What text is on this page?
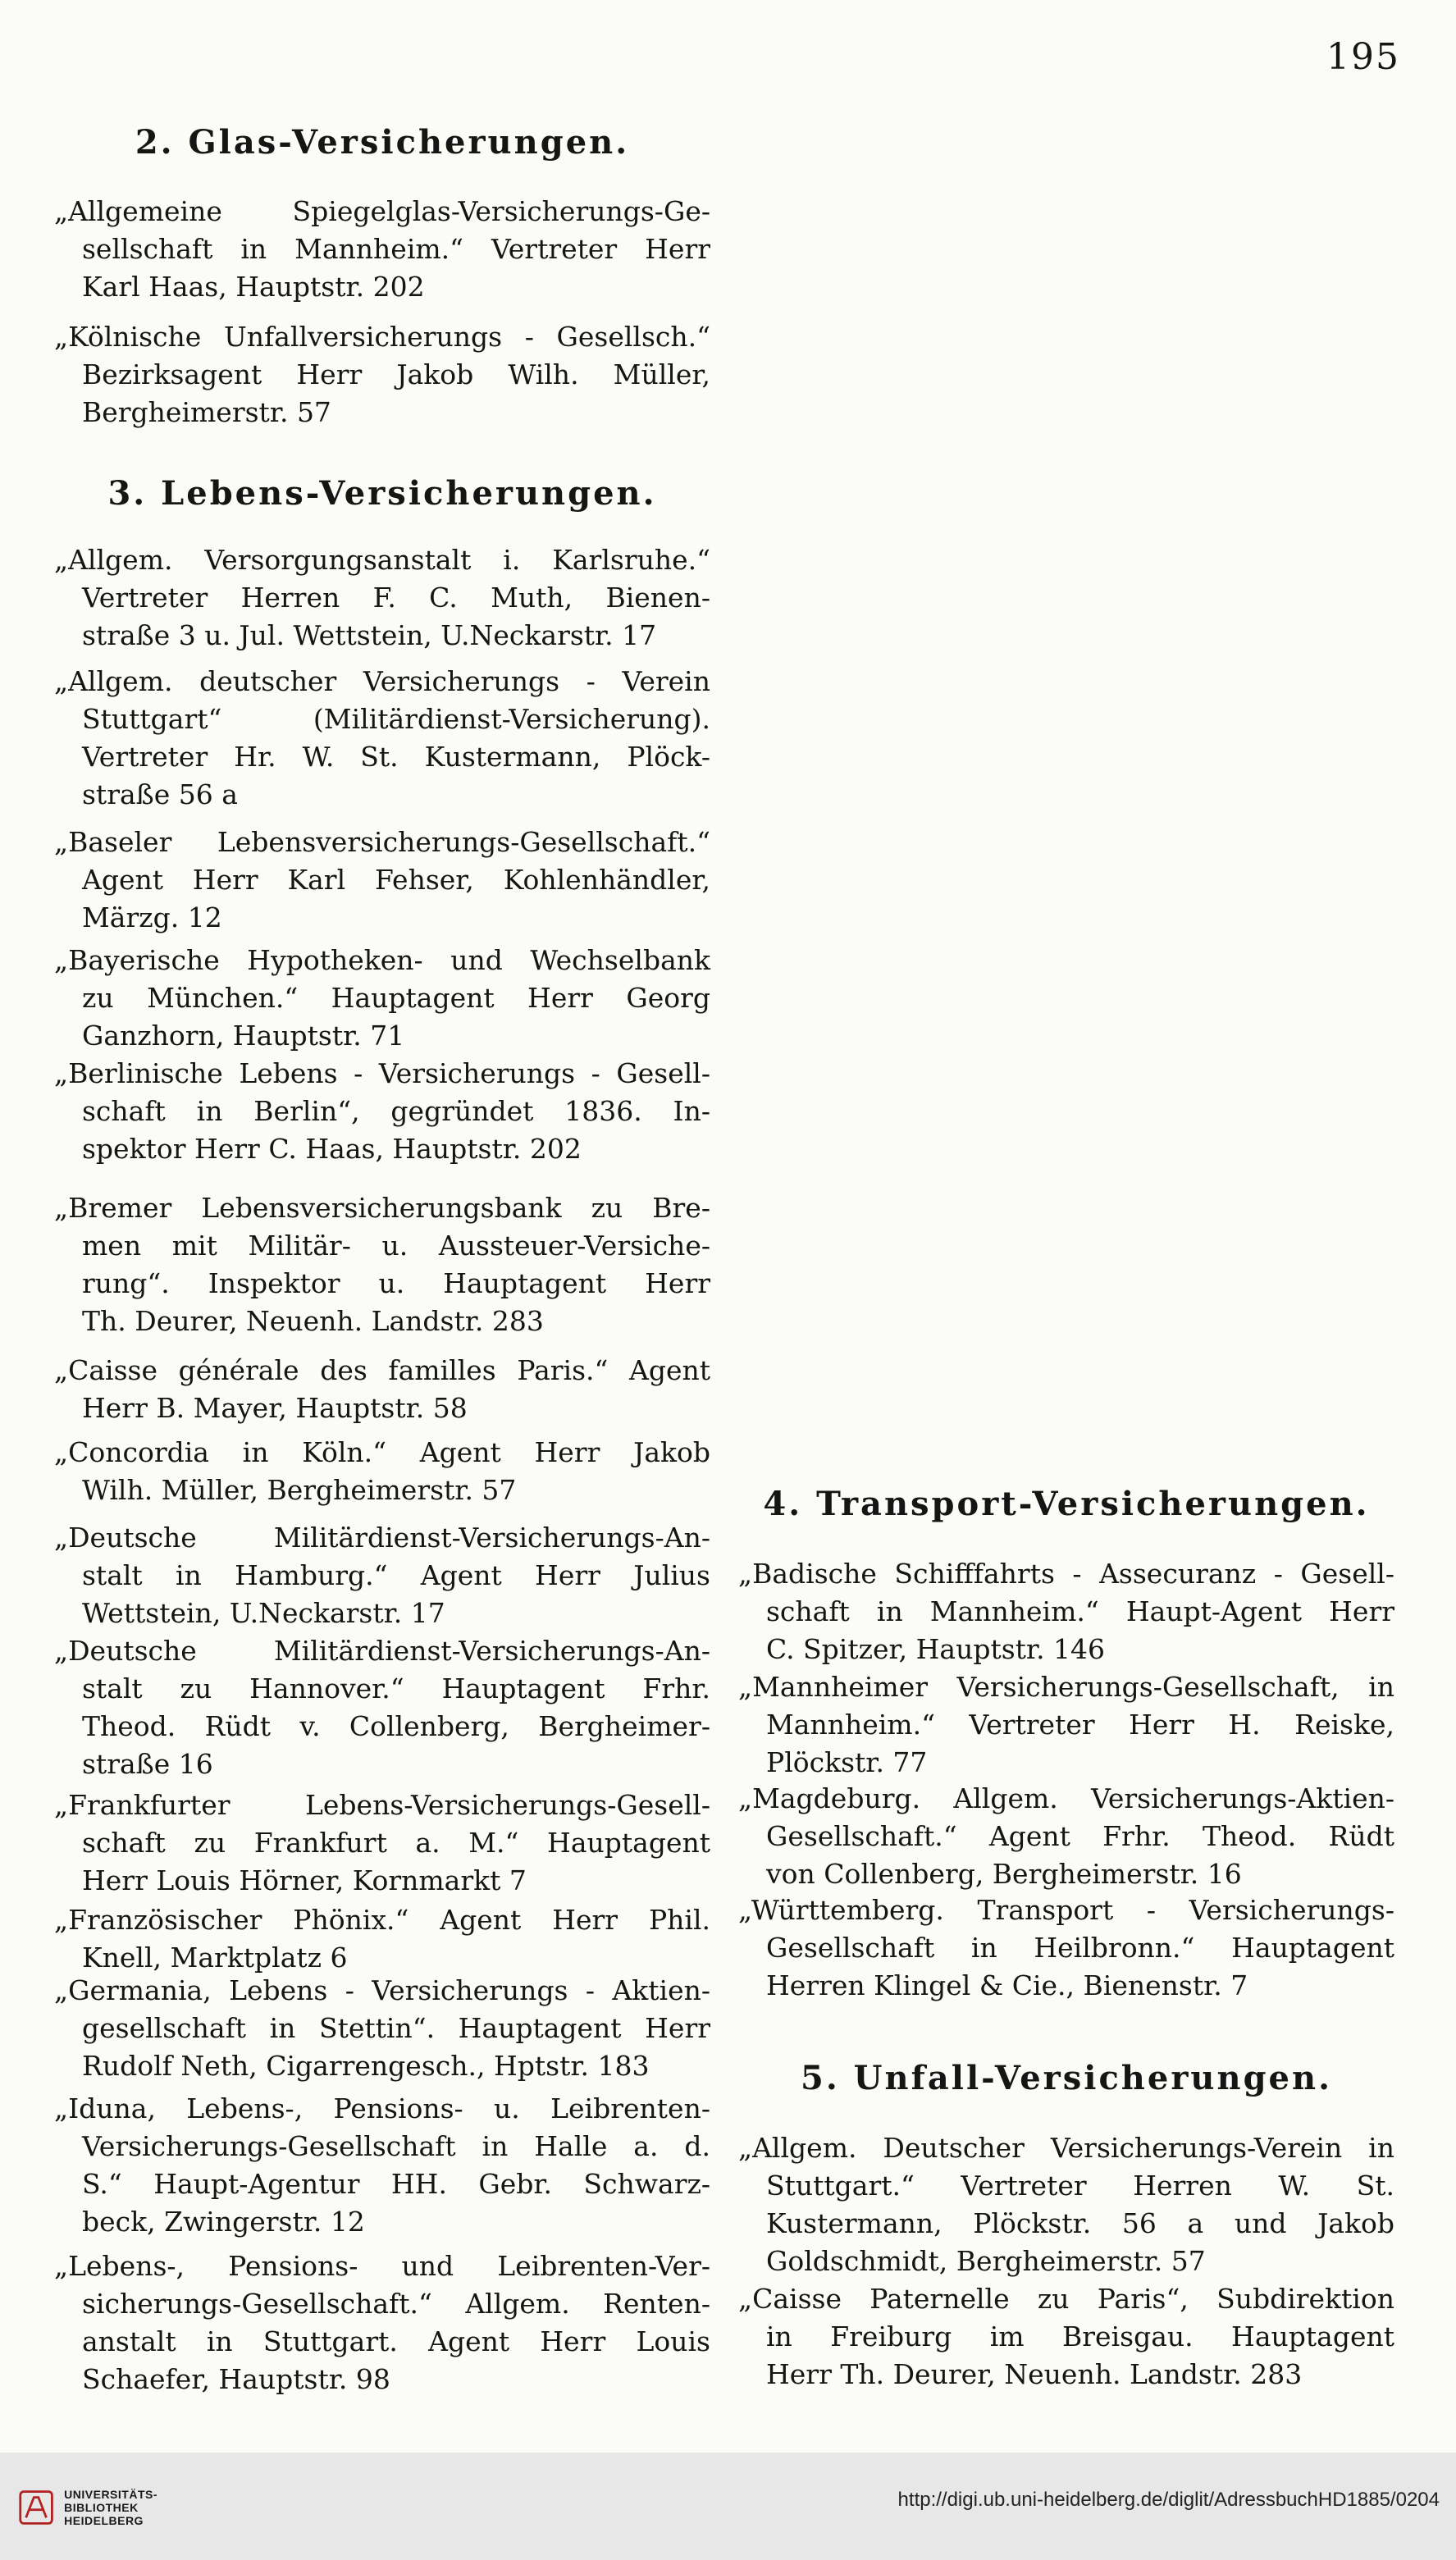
195
2. Glas-Versicherungen.
„Allgemeine Spiegelglas-Versicherungs-Ge-
sellschaft in Mannheim.“ Vertreter Herr
Karl Haas, Hauptstr. 202
„Kölnische Unfallversicherungs - Gesellsch.“
Bezirksagent Herr Jakob Wilh. Müller,
Bergheimerstr. 57
3. Lebens-Versicherungen.
„Allgem. Versorgungsanstalt i. Karlsruhe.“
Vertreter Herren F. C. Muth, Bienen-
straße 3 u. Jul. Wettstein, U.Neckarstr. 17
„Allgem. deutscher Versicherungs - Verein
Stuttgart“ (Militärdienst-Versicherung).
Vertreter Hr. W. St. Kustermann, Plöck-
straße 56 a
„Baseler Lebensversicherungs-Gesellschaft.“
Agent Herr Karl Fehser, Kohlenhändler,
Märzg. 12
„Bayerische Hypotheken- und Wechselbank
zu München.“ Hauptagent Herr Georg
Ganzhorn, Hauptstr. 71
„Berlinische Lebens - Versicherungs - Gesell-
schaft in Berlin“, gegründet 1836. In-
spektor Herr C. Haas, Hauptstr. 202
„Bremer Lebensversicherungsbank zu Bre-
men mit Militär- u. Aussteuer-Versiche-
rung“. Inspektor u. Hauptagent Herr
Th. Deurer, Neuenh. Landstr. 283
„Caisse générale des familles Paris.“ Agent
Herr B. Mayer, Hauptstr. 58
„Concordia in Köln.“ Agent Herr Jakob
Wilh. Müller, Bergheimerstr. 57
„Deutsche Militärdienst-Versicherungs-An-
stalt in Hamburg.“ Agent Herr Julius
Wettstein, U.Neckarstr. 17
„Deutsche Militärdienst-Versicherungs-An-
stalt zu Hannover.“ Hauptagent Frhr.
Theod. Rüdt v. Collenberg, Bergheimer-
straße 16
„Frankfurter Lebens-Versicherungs-Gesell-
schaft zu Frankfurt a. M.“ Hauptagent
Herr Louis Hörner, Kornmarkt 7
„Französischer Phönix.“ Agent Herr Phil.
Knell, Marktplatz 6
„Germania, Lebens - Versicherungs - Aktien-
gesellschaft in Stettin“. Hauptagent Herr
Rudolf Neth, Cigarrengesch., Hptstr. 183
„Iduna, Lebens-, Pensions- u. Leibrenten-
Versicherungs-Gesellschaft in Halle a. d.
S.“ Haupt-Agentur HH. Gebr. Schwarz-
beck, Zwingerstr. 12
„Lebens-, Pensions- und Leibrenten-Ver-
sicherungs-Gesellschaft.“ Allgem. Renten-
anstalt in Stuttgart. Agent Herr Louis
Schaefer, Hauptstr. 98
4. Transport-Versicherungen.
„Badische Schifffahrts - Assecuranz - Gesell-
schaft in Mannheim.“ Haupt-Agent Herr
C. Spitzer, Hauptstr. 146
„Mannheimer Versicherungs-Gesellschaft, in
Mannheim.“ Vertreter Herr H. Reiske,
Plöckstr. 77
„Magdeburg. Allgem. Versicherungs-Aktien-
Gesellschaft.“ Agent Frhr. Theod. Rüdt
von Collenberg, Bergheimerstr. 16
„Württemberg. Transport - Versicherungs-
Gesellschaft in Heilbronn.“ Hauptagent
Herren Klingel & Cie., Bienenstr. 7
5. Unfall-Versicherungen.
„Allgem. Deutscher Versicherungs-Verein in
Stuttgart.“ Vertreter Herren W. St.
Kustermann, Plöckstr. 56 a und Jakob
Goldschmidt, Bergheimerstr. 57
„Caisse Paternelle zu Paris“, Subdirektion
in Freiburg im Breisgau. Hauptagent
Herr Th. Deurer, Neuenh. Landstr. 283
UNIVERSITÄTS-
BIBLIOTHEK
HEIDELBERG
http://digi.ub.uni-heidelberg.de/diglit/AdressbuchHD1885/0204
